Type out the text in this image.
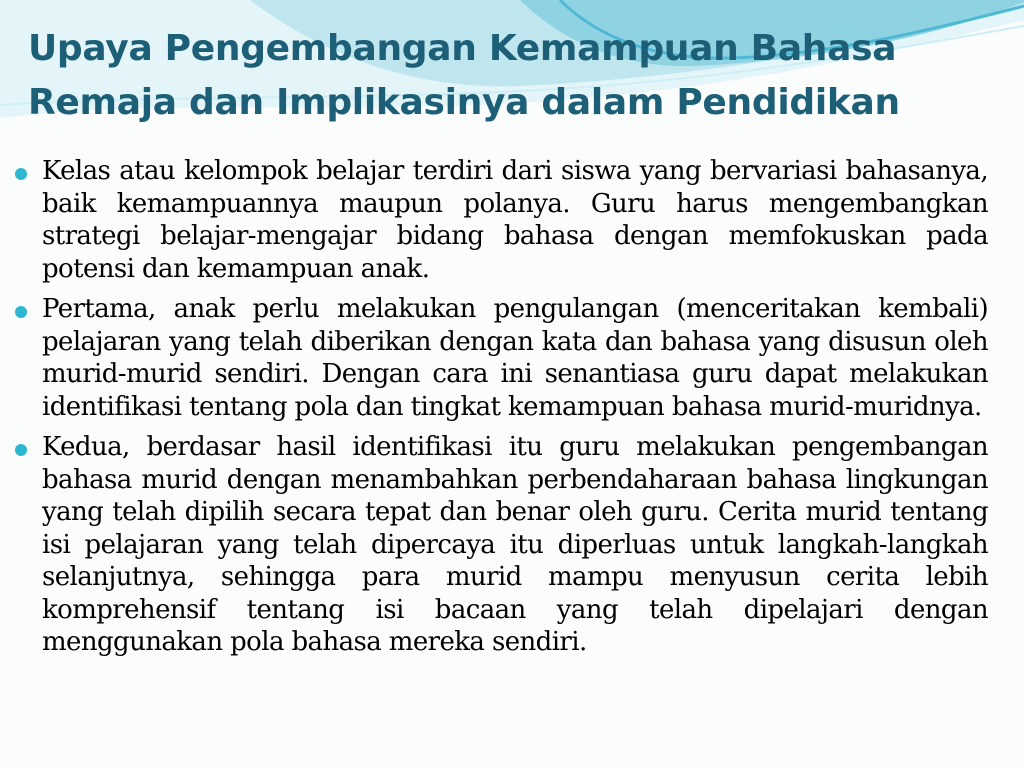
Upaya Pengembangan Kemampuan Bahasa
Remaja dan Implikasinya dalam Pendidikan
Kelas atau kelompok belajar terdiri dari siswa yang bervariasi bahasanya, baik kemampuannya maupun polanya. Guru harus mengembangkan strategi belajar-mengajar bidang bahasa dengan memfokuskan pada potensi dan kemampuan anak.
Pertama, anak perlu melakukan pengulangan (menceritakan kembali) pelajaran yang telah diberikan dengan kata dan bahasa yang disusun oleh murid-murid sendiri. Dengan cara ini senantiasa guru dapat melakukan identifikasi tentang pola dan tingkat kemampuan bahasa murid-muridnya.
Kedua, berdasar hasil identifikasi itu guru melakukan pengembangan bahasa murid dengan menambahkan perbendaharaan bahasa lingkungan yang telah dipilih secara tepat dan benar oleh guru. Cerita murid tentang isi pelajaran yang telah dipercaya itu diperluas untuk langkah-langkah selanjutnya, sehingga para murid mampu menyusun cerita lebih komprehensif tentang isi bacaan yang telah dipelajari dengan menggunakan pola bahasa mereka sendiri.
